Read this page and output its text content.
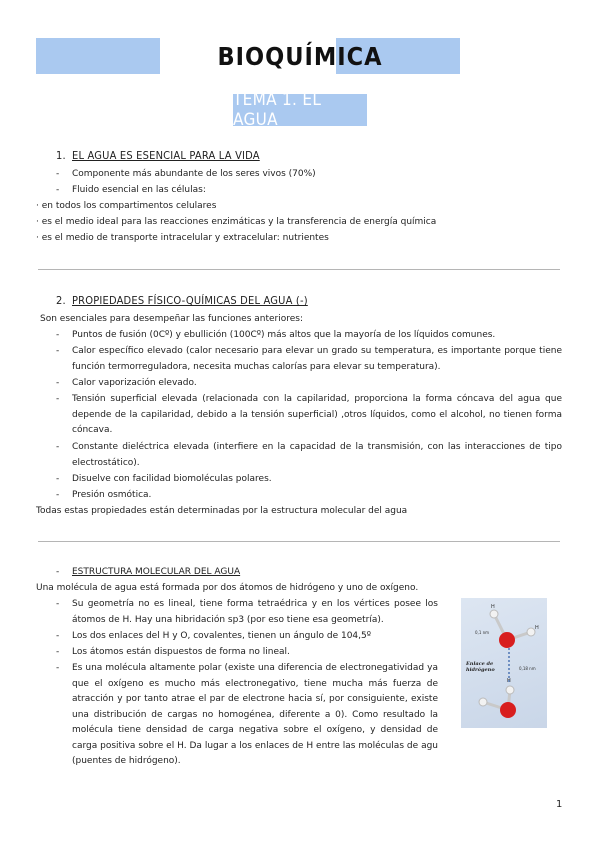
BIOQUÍMICA
TEMA 1. EL AGUA
1. EL AGUA ES ESENCIAL PARA LA VIDA
- Componente más abundante de los seres vivos (70%)
- Fluido esencial en las células:
· en todos los compartimentos celulares
· es el medio ideal para las reacciones enzimáticas y la transferencia de energía química
· es el medio de transporte intracelular y extracelular: nutrientes
2. PROPIEDADES FÍSICO-QUÍMICAS DEL AGUA (-)
Son esenciales para desempeñar las funciones anteriores:
- Puntos de fusión (0Cº) y ebullición (100Cº) más altos que la mayoría de los líquidos comunes.
- Calor específico elevado (calor necesario para elevar un grado su temperatura, es importante porque tiene función termorreguladora, necesita muchas calorías para elevar su temperatura).
- Calor vaporización elevado.
- Tensión superficial elevada (relacionada con la capilaridad, proporciona la forma cóncava del agua que depende de la capilaridad, debido a la tensión superficial) ,otros líquidos, como el alcohol, no tienen forma cóncava.
- Constante dieléctrica elevada (interfiere en la capacidad de la transmisión, con las interacciones de tipo electrostático).
- Disuelve con facilidad biomoléculas polares.
- Presión osmótica.
Todas estas propiedades están determinadas por la estructura molecular del agua
- ESTRUCTURA MOLECULAR DEL AGUA
Una molécula de agua está formada por dos átomos de hidrógeno y uno de oxígeno.
- Su geometría no es lineal, tiene forma tetraédrica y en los vértices posee los átomos de H. Hay una hibridación sp3 (por eso tiene esa geometría).
- Los dos enlaces del H y O, covalentes, tienen un ángulo de 104,5º
- Los átomos están dispuestos de forma no lineal.
- Es una molécula altamente polar (existe una diferencia de electronegatividad ya que el oxígeno es mucho más electronegativo, tiene mucha más fuerza de atracción y por tanto atrae el par de electrone hacia sí, por consiguiente, existe una distribución de cargas no homogénea, diferente a 0). Como resultado la molécula tiene densidad de carga negativa sobre el oxígeno, y densidad de carga positiva sobre el H. Da lugar a los enlaces de H entre las moléculas de agu (puentes de hidrógeno).
H
H
H
0,1 nm
0,18 nm
Enlace de
hidrógeno
1
